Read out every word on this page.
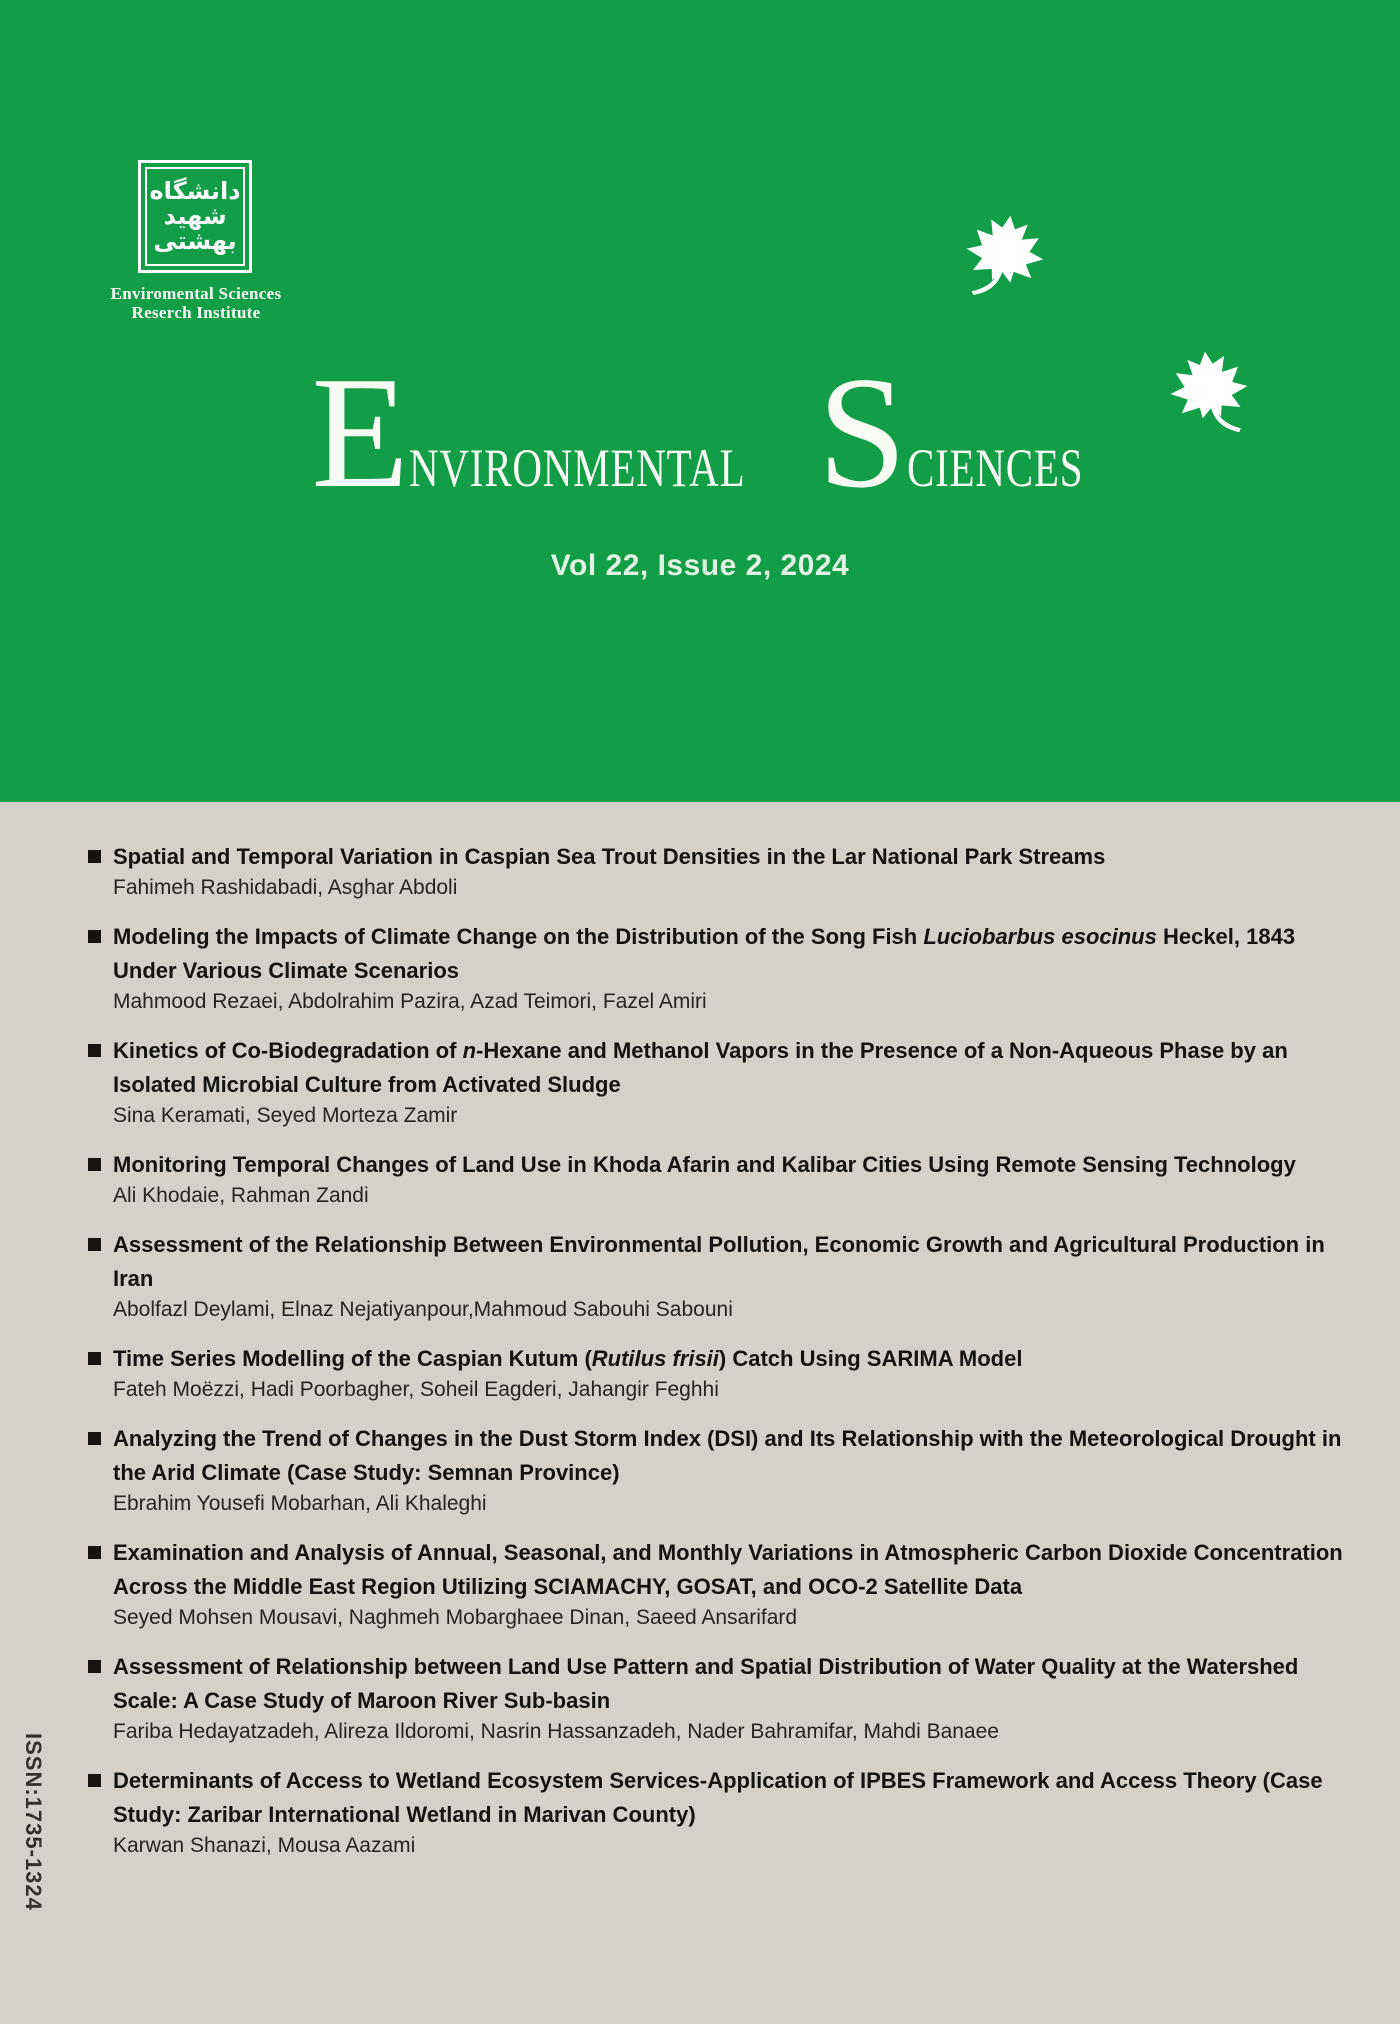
دانشگاه
شهید
بهشتی
Enviromental Sciences
Reserch Institute
E NVIRONMENTAL S CIENCES
Vol 22, Issue 2, 2024
Spatial and Temporal Variation in Caspian Sea Trout Densities in the Lar National Park Streams
Fahimeh Rashidabadi, Asghar Abdoli
Modeling the Impacts of Climate Change on the Distribution of the Song Fish Luciobarbus esocinus Heckel, 1843 Under Various Climate Scenarios
Mahmood Rezaei, Abdolrahim Pazira, Azad Teimori, Fazel Amiri
Kinetics of Co-Biodegradation of n-Hexane and Methanol Vapors in the Presence of a Non-Aqueous Phase by an Isolated Microbial Culture from Activated Sludge
Sina Keramati, Seyed Morteza Zamir
Monitoring Temporal Changes of Land Use in Khoda Afarin and Kalibar Cities Using Remote Sensing Technology
Ali Khodaie, Rahman Zandi
Assessment of the Relationship Between Environmental Pollution, Economic Growth and Agricultural Production in Iran
Abolfazl Deylami, Elnaz Nejatiyanpour,Mahmoud Sabouhi Sabouni
Time Series Modelling of the Caspian Kutum (Rutilus frisii) Catch Using SARIMA Model
Fateh Moëzzi, Hadi Poorbagher, Soheil Eagderi, Jahangir Feghhi
Analyzing the Trend of Changes in the Dust Storm Index (DSI) and Its Relationship with the Meteorological Drought in the Arid Climate (Case Study: Semnan Province)
Ebrahim Yousefi Mobarhan, Ali Khaleghi
Examination and Analysis of Annual, Seasonal, and Monthly Variations in Atmospheric Carbon Dioxide Concentration Across the Middle East Region Utilizing SCIAMACHY, GOSAT, and OCO-2 Satellite Data
Seyed Mohsen Mousavi, Naghmeh Mobarghaee Dinan, Saeed Ansarifard
Assessment of Relationship between Land Use Pattern and Spatial Distribution of Water Quality at the Watershed Scale: A Case Study of Maroon River Sub-basin
Fariba Hedayatzadeh, Alireza Ildoromi, Nasrin Hassanzadeh, Nader Bahramifar, Mahdi Banaee
Determinants of Access to Wetland Ecosystem Services-Application of IPBES Framework and Access Theory (Case Study: Zaribar International Wetland in Marivan County)
Karwan Shanazi, Mousa Aazami
ISSN:1735-1324
